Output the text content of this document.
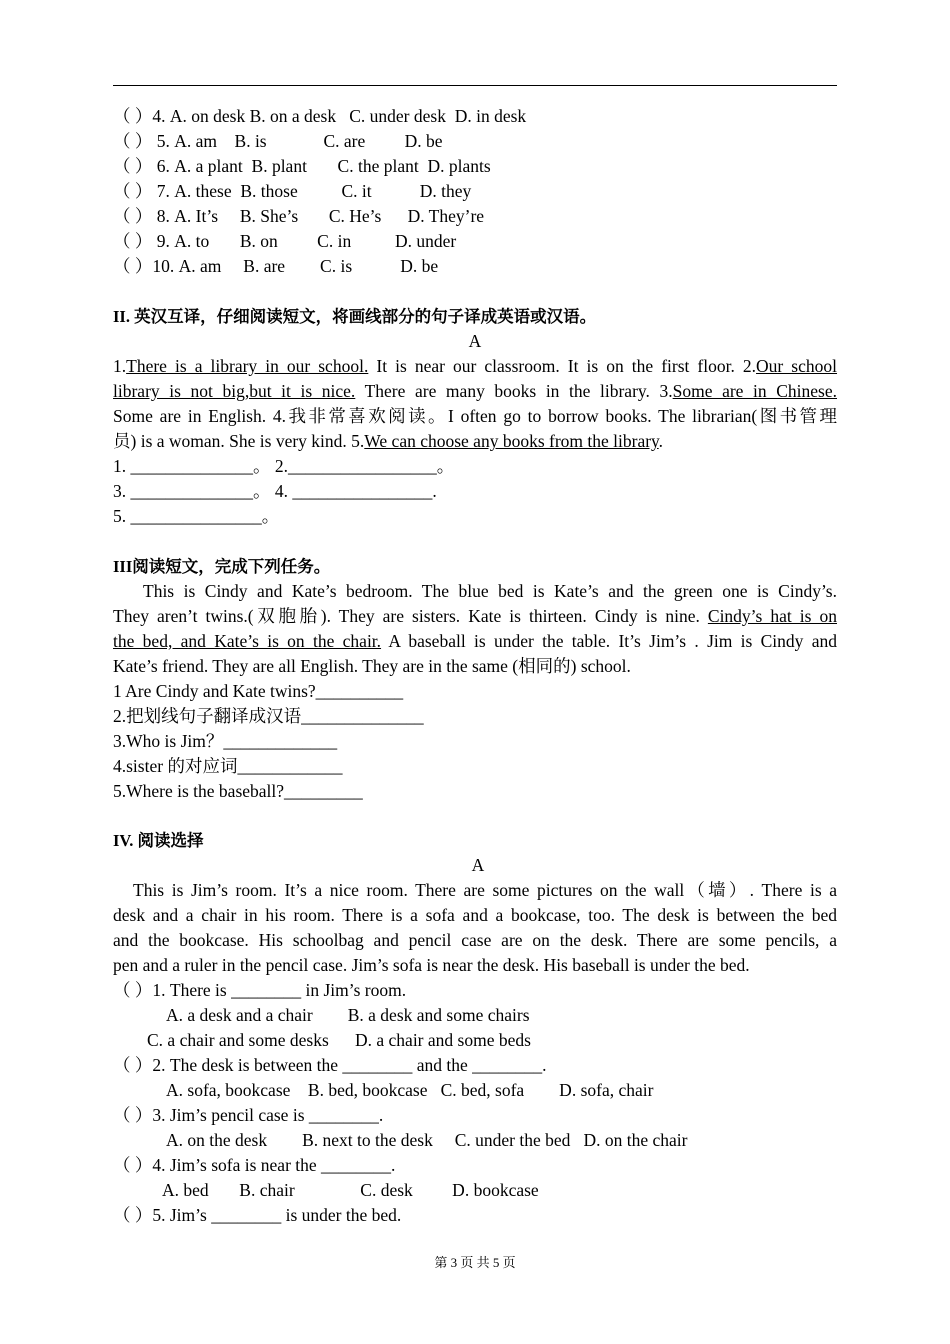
（ ）4. A. on desk B. on a desk   C. under desk  D. in desk
（ ） 5. A. am    B. is             C. are         D. be
（ ） 6. A. a plant  B. plant       C. the plant  D. plants
（ ） 7. A. these  B. those          C. it           D. they
（ ） 8. A. It’s     B. She’s       C. He’s      D. They’re
（ ） 9. A. to       B. on         C. in          D. under
（ ）10. A. am     B. are        C. is           D. be
II. 英汉互译，仔细阅读短文，将画线部分的句子译成英语或汉语。
A
1.There is a library in our school. It is near our classroom. It is on the first floor. 2.Our school
library is not big,but it is nice. There are many books in the library. 3.Some are in Chinese.
Some are in English. 4.我非常喜欢阅读。I often go to borrow books. The librarian(图书管理
员) is a woman. She is very kind. 5.We can choose any books from the library.
1. ______________。 2._________________。
3. ______________。 4. ________________.
5. _______________。
III阅读短文，完成下列任务。
This is Cindy and Kate’s bedroom. The blue bed is Kate’s and the green one is Cindy’s.
They aren’t twins.(双胞胎). They are sisters. Kate is thirteen. Cindy is nine. Cindy’s hat is on
the bed, and Kate’s is on the chair. A baseball is under the table. It’s Jim’s . Jim is Cindy and
Kate’s friend. They are all English. They are in the same (相同的) school.
1 Are Cindy and Kate twins?__________
2.把划线句子翻译成汉语______________
3.Who is Jim？_____________
4.sister 的对应词____________
5.Where is the baseball?_________
IV. 阅读选择
A
This is Jim’s room. It’s a nice room. There are some pictures on the wall（墙）. There is a
desk and a chair in his room. There is a sofa and a bookcase, too. The desk is between the bed
and the bookcase. His schoolbag and pencil case are on the desk. There are some pencils, a
pen and a ruler in the pencil case. Jim’s sofa is near the desk. His baseball is under the bed.
（ ）1. There is ________ in Jim’s room.
A. a desk and a chair        B. a desk and some chairs
C. a chair and some desks      D. a chair and some beds
（ ）2. The desk is between the ________ and the ________.
A. sofa, bookcase    B. bed, bookcase   C. bed, sofa        D. sofa, chair
（ ）3. Jim’s pencil case is ________.
A. on the desk        B. next to the desk     C. under the bed   D. on the chair
（ ）4. Jim’s sofa is near the ________.
A. bed       B. chair               C. desk         D. bookcase
（ ）5. Jim’s ________ is under the bed.
第 3 页 共 5 页
